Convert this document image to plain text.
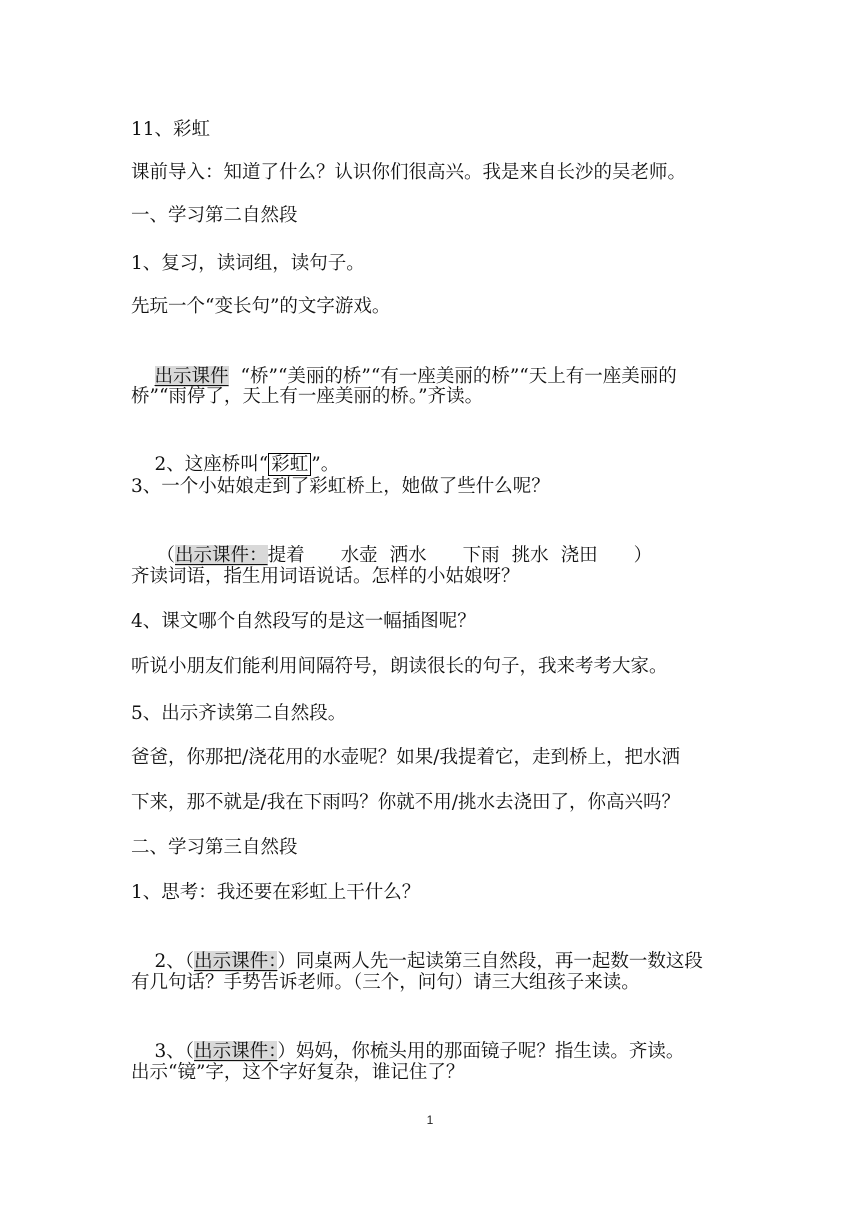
11、彩虹
课前导入：知道了什么？认识你们很高兴。我是来自长沙的吴老师。
一、学习第二自然段
1、复习，读词组，读句子。
先玩一个“变长句”的文字游戏。

出示课件 “桥”“美丽的桥”“有一座美丽的桥”“天上有一座美丽的

桥”“雨停了，天上有一座美丽的桥。”齐读。

2、这座桥叫“ 彩虹 ”。

3、一个小姑娘走到了彩虹桥上，她做了些什么呢？

（出示课件：提着 水壶 洒水 下雨 挑水 浇田 ）

齐读词语，指生用词语说话。怎样的小姑娘呀？
4、课文哪个自然段写的是这一幅插图呢？
听说小朋友们能利用间隔符号，朗读很长的句子，我来考考大家。
5、出示齐读第二自然段。
爸爸，你那把/浇花用的水壶呢？如果/我提着它，走到桥上，把水洒
下来，那不就是/我在下雨吗？你就不用/挑水去浇田了，你高兴吗？
二、学习第三自然段
1、思考：我还要在彩虹上干什么？

2、（出示课件：）同桌两人先一起读第三自然段，再一起数一数这段

有几句话？手势告诉老师。（三个，问句）请三大组孩子来读。

3、（出示课件：）妈妈，你梳头用的那面镜子呢？指生读。齐读。

出示“镜”字，这个字好复杂，谁记住了？
1
